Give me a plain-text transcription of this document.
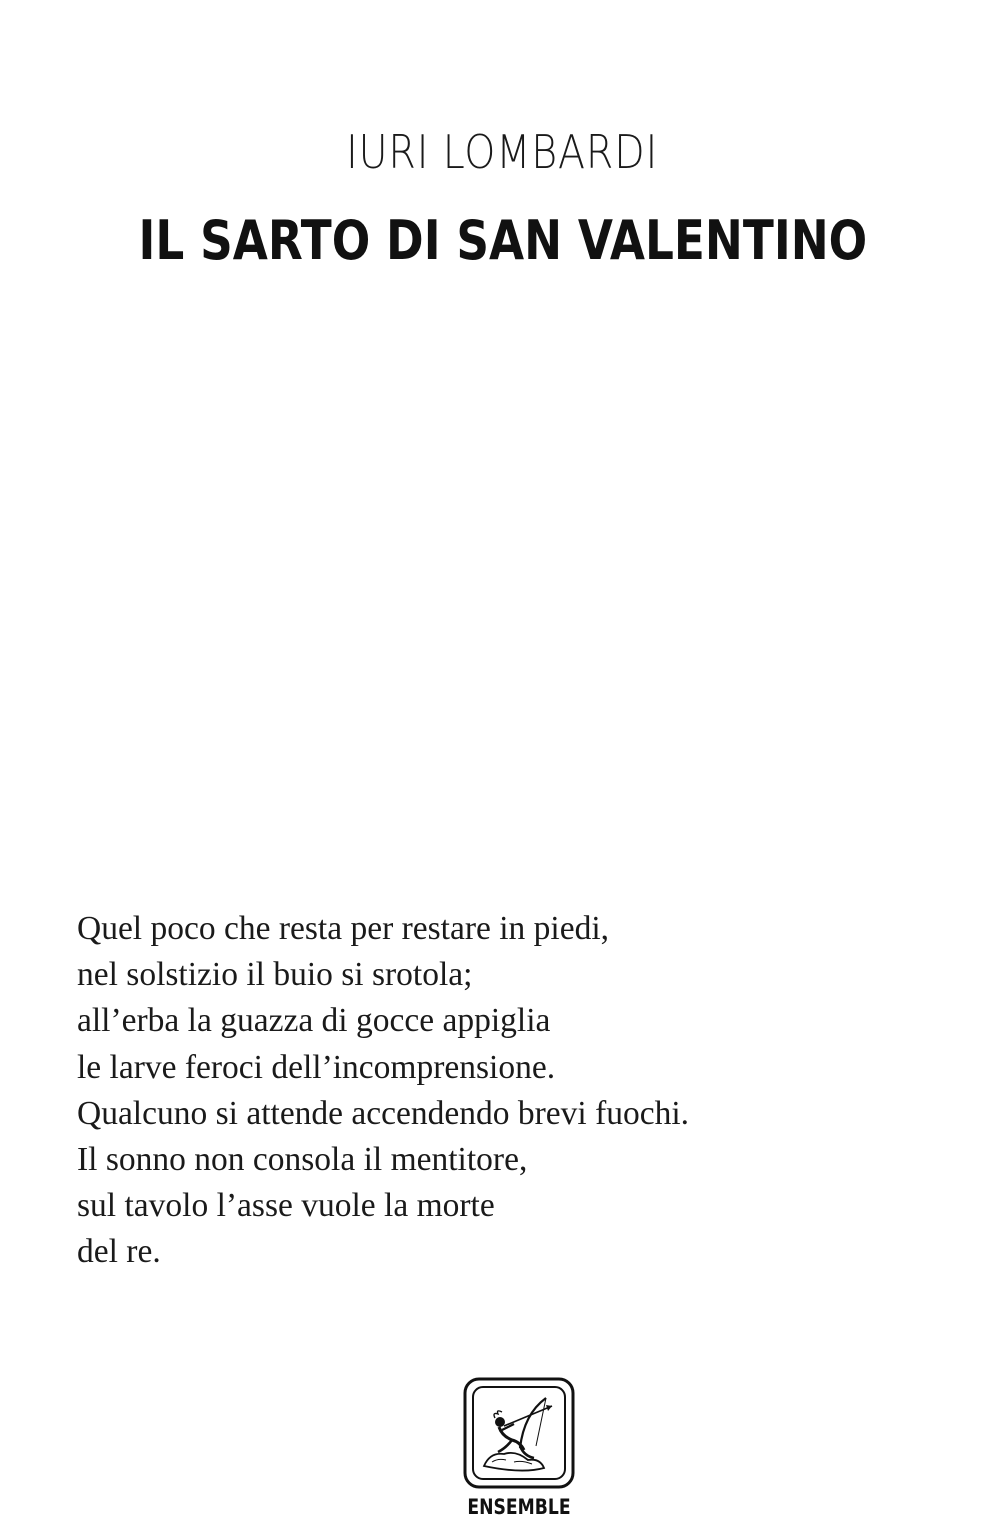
IURI LOMBARDI
IL SARTO DI SAN VALENTINO
Quel poco che resta per restare in piedi,
nel solstizio il buio si srotola;
all’erba la guazza di gocce appiglia
le larve feroci dell’incomprensione.
Qualcuno si attende accendendo brevi fuochi.
Il sonno non consola il mentitore,
sul tavolo l’asse vuole la morte
del re.
ENSEMBLE
